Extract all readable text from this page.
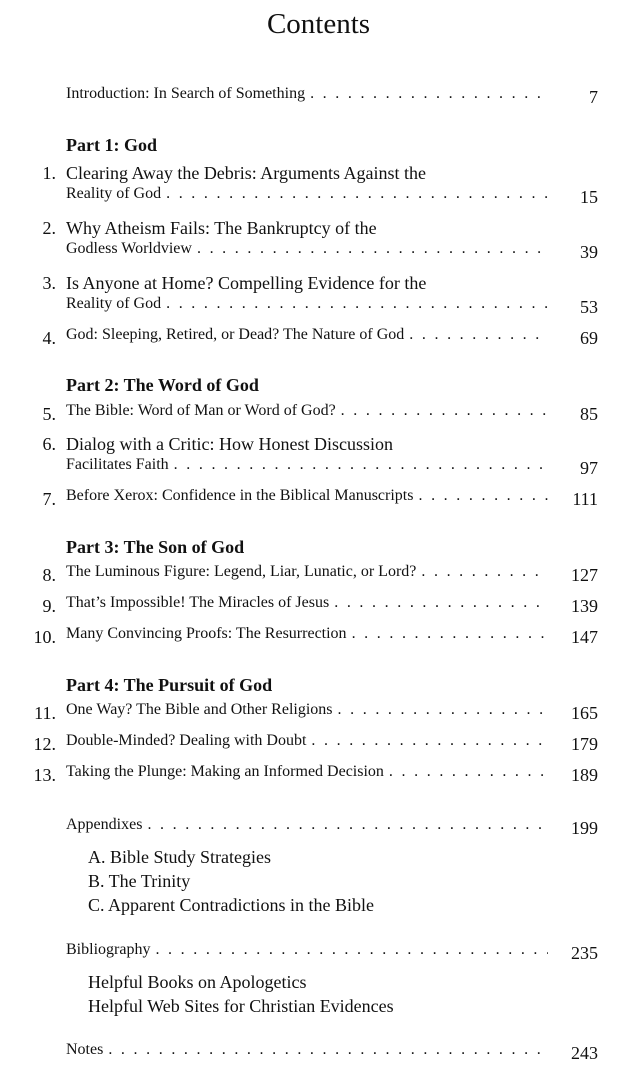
Contents
Introduction: In Search of Something . . .	7
Part 1: God
1. Clearing Away the Debris: Arguments Against the
Reality of God . . .	15
2. Why Atheism Fails: The Bankruptcy of the
Godless Worldview . . .	39
3. Is Anyone at Home? Compelling Evidence for the
Reality of God . . .	53
4. God: Sleeping, Retired, or Dead? The Nature of God . . .	69
Part 2: The Word of God
5. The Bible: Word of Man or Word of God? . . .	85
6. Dialog with a Critic: How Honest Discussion
Facilitates Faith . . .	97
7. Before Xerox: Confidence in the Biblical Manuscripts . . .	111
Part 3: The Son of God
8. The Luminous Figure: Legend, Liar, Lunatic, or Lord? . . .	127
9. That’s Impossible! The Miracles of Jesus . . .	139
10. Many Convincing Proofs: The Resurrection . . .	147
Part 4: The Pursuit of God
11. One Way? The Bible and Other Religions . . .	165
12. Double-Minded? Dealing with Doubt . . .	179
13. Taking the Plunge: Making an Informed Decision . . .	189
Appendixes . . .	199
A. Bible Study Strategies
B. The Trinity
C. Apparent Contradictions in the Bible
Bibliography . . .	235
Helpful Books on Apologetics
Helpful Web Sites for Christian Evidences
Notes . . .	243
